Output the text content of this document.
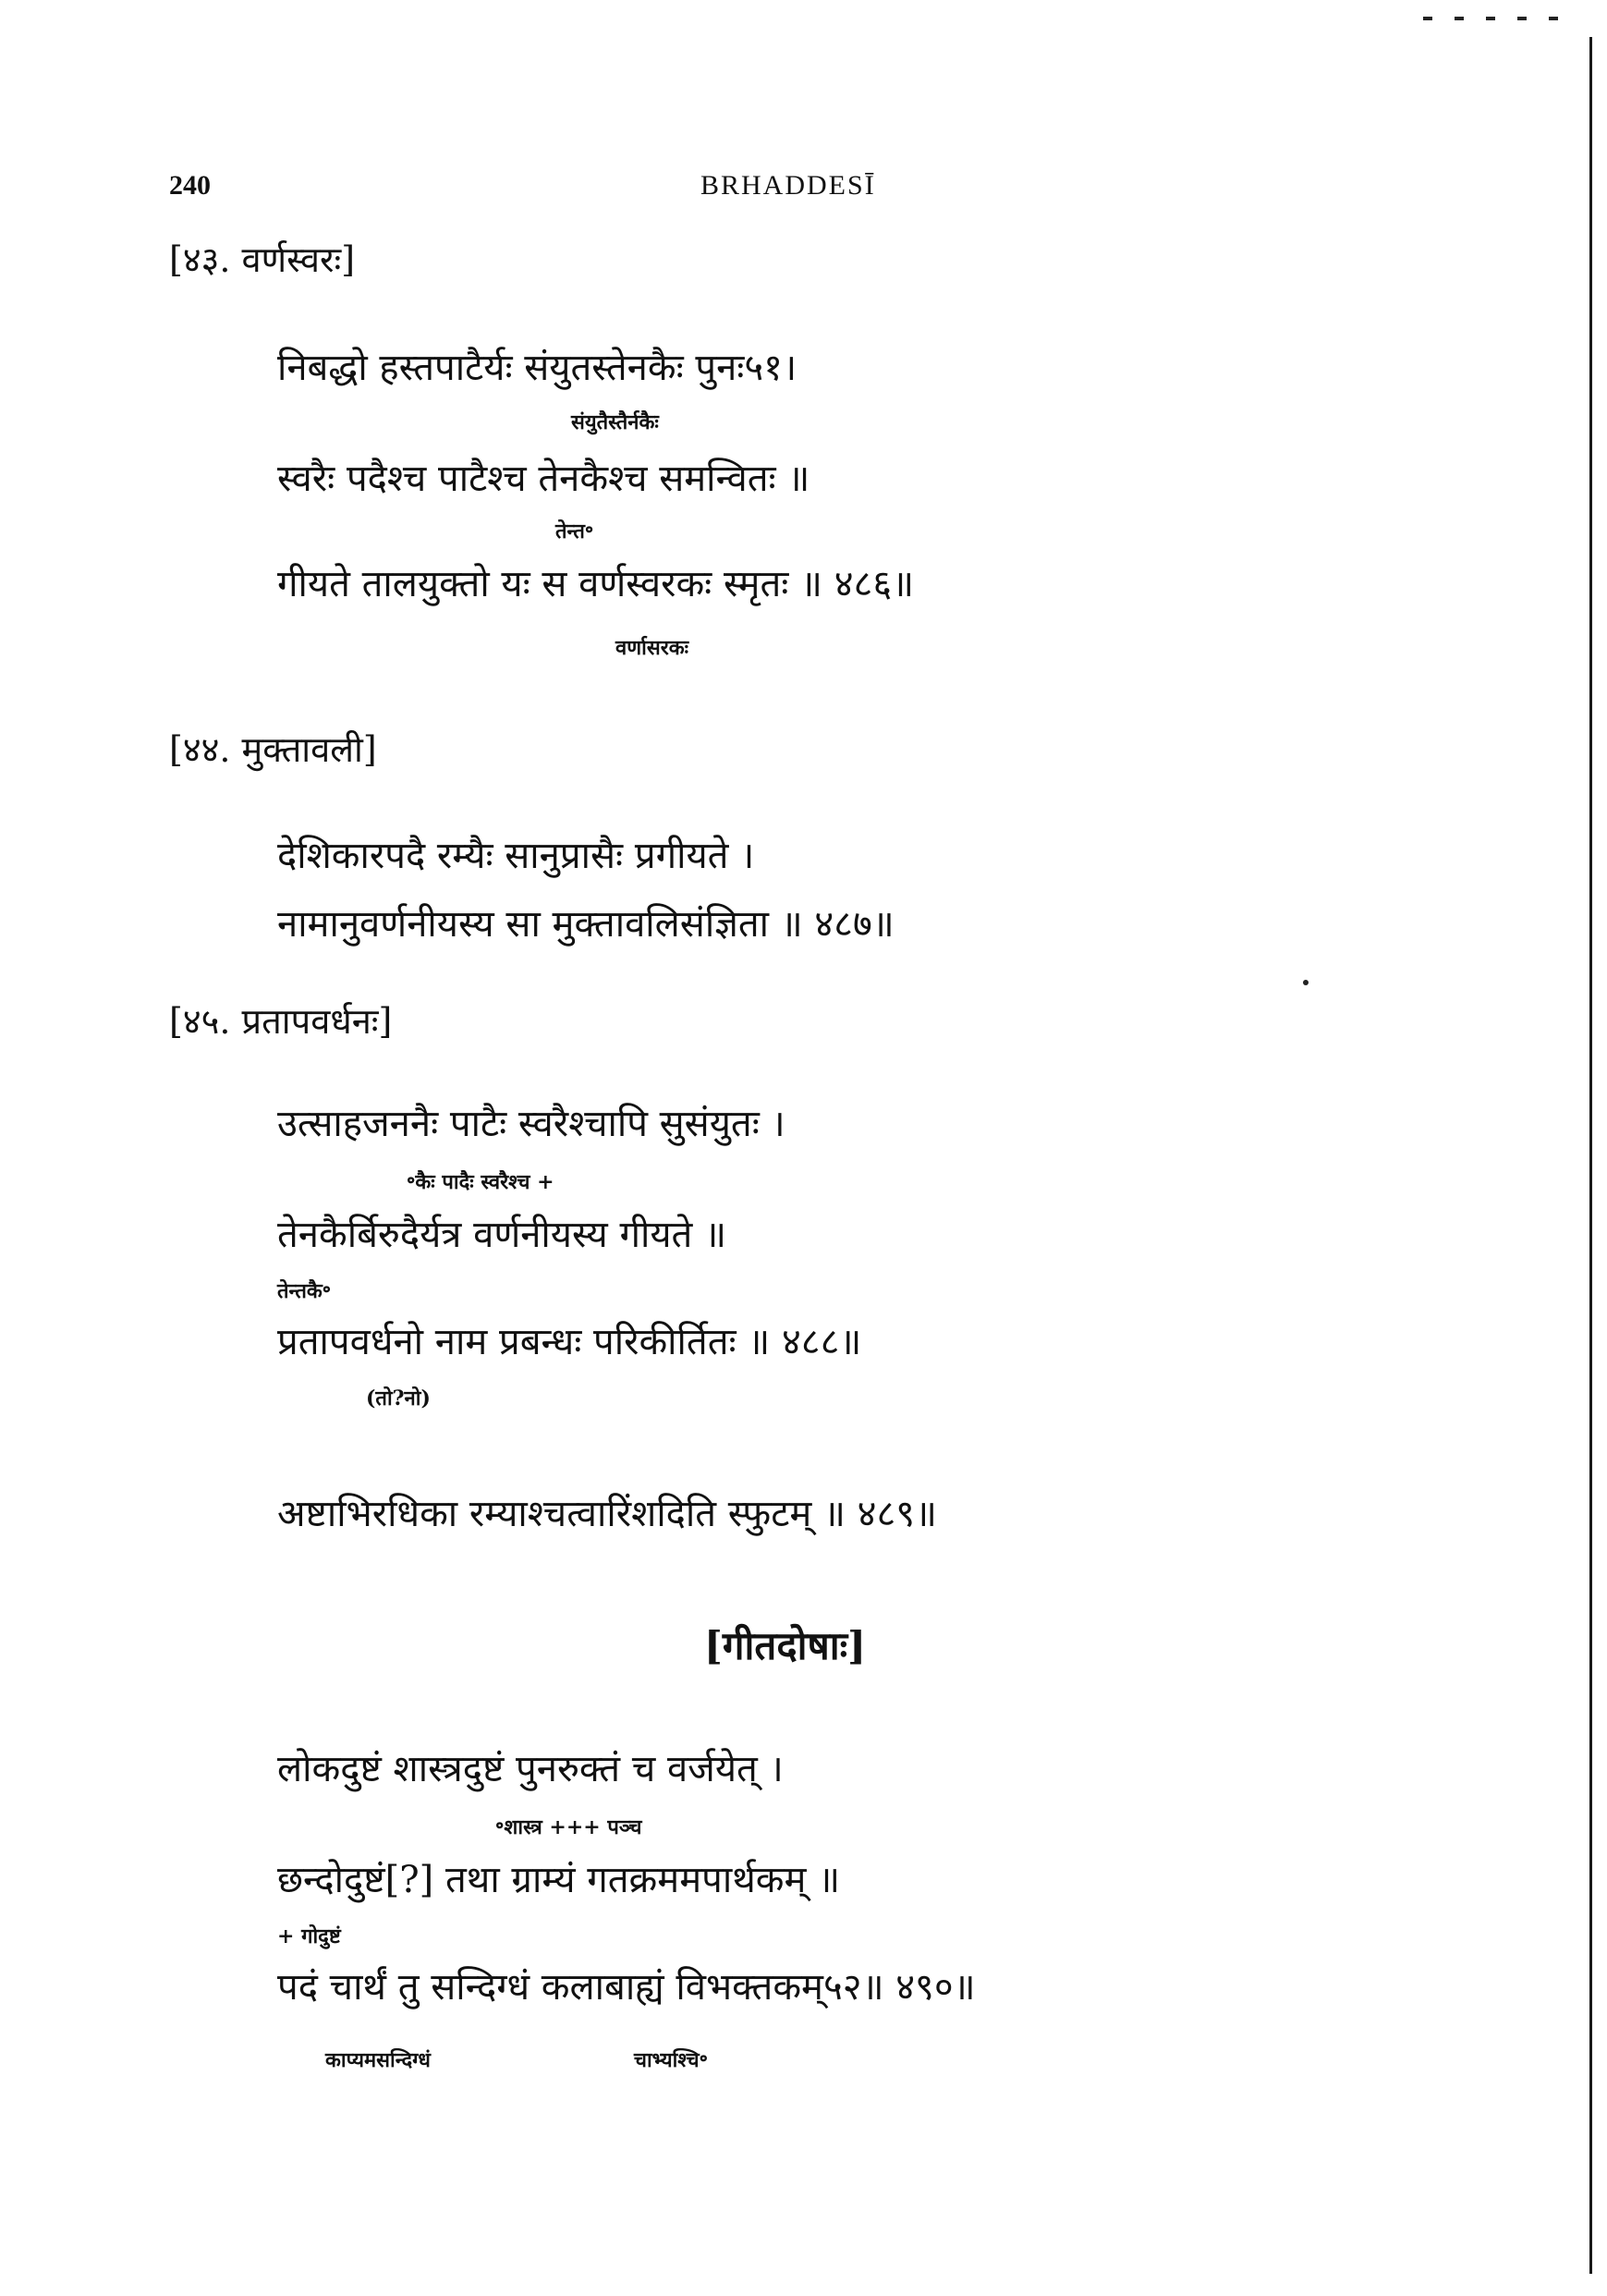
240	BRHADDESĪ
[४३. वर्णस्वरः]
निबद्धो हस्तपाटैर्यः संयुतस्तेनकैः पुनः५१।
संयुतैस्तैर्नकैः
स्वरैः पदैश्च पाटैश्च तेनकैश्च समन्वितः ॥
तेन्त॰
गीयते तालयुक्तो यः स वर्णस्वरकः स्मृतः ॥ ४८६॥
वर्णासरकः
[४४. मुक्तावली]
देशिकारपदै रम्यैः सानुप्रासैः प्रगीयते ।
नामानुवर्णनीयस्य सा मुक्तावलिसंज्ञिता ॥ ४८७॥
[४५. प्रतापवर्धनः]
उत्साहजननैः पाटैः स्वरैश्चापि सुसंयुतः ।
॰कैः पादैः स्वरैश्च +
तेनकैर्बिरुदैर्यत्र वर्णनीयस्य गीयते ॥
तेन्तकै॰
प्रतापवर्धनो नाम प्रबन्धः परिकीर्तितः ॥ ४८८॥
(तो?नो)
अष्टाभिरधिका रम्याश्चत्वारिंशदिति स्फुटम् ॥ ४८९॥
[गीतदोषाः]
लोकदुष्टं शास्त्रदुष्टं पुनरुक्तं च वर्जयेत् ।
॰शास्त्र +++ पञ्च
छन्दोदुष्टं[?] तथा ग्राम्यं गतक्रममपार्थकम् ॥
+ गोदुष्टं
पदं चार्थं तु सन्दिग्धं कलाबाह्यं विभक्तकम्५२॥ ४९०॥
काप्यमसन्दिग्धं	चाभ्यश्चि॰
